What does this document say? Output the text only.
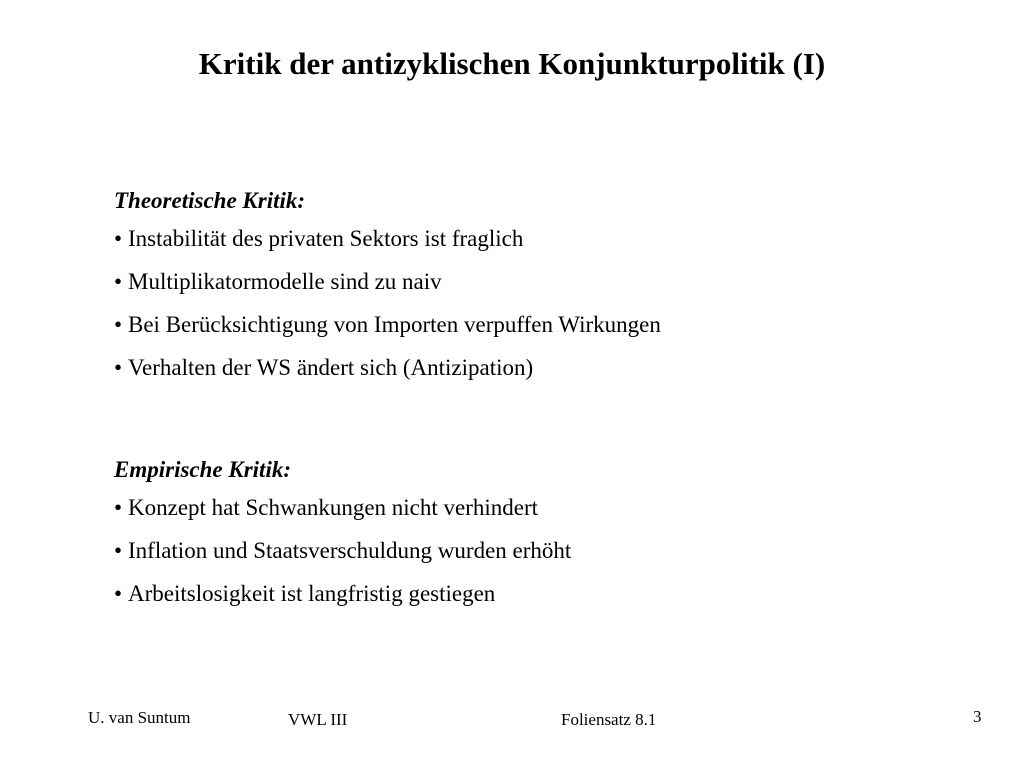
Kritik der antizyklischen Konjunkturpolitik (I)
Theoretische Kritik:
• Instabilität des privaten Sektors ist fraglich
• Multiplikatormodelle sind zu naiv
• Bei Berücksichtigung von Importen verpuffen Wirkungen
• Verhalten der WS ändert sich (Antizipation)
Empirische Kritik:
• Konzept hat Schwankungen nicht verhindert
• Inflation und Staatsverschuldung wurden erhöht
• Arbeitslosigkeit ist langfristig gestiegen
U. van Suntum	VWL III	Foliensatz 8.1	3
